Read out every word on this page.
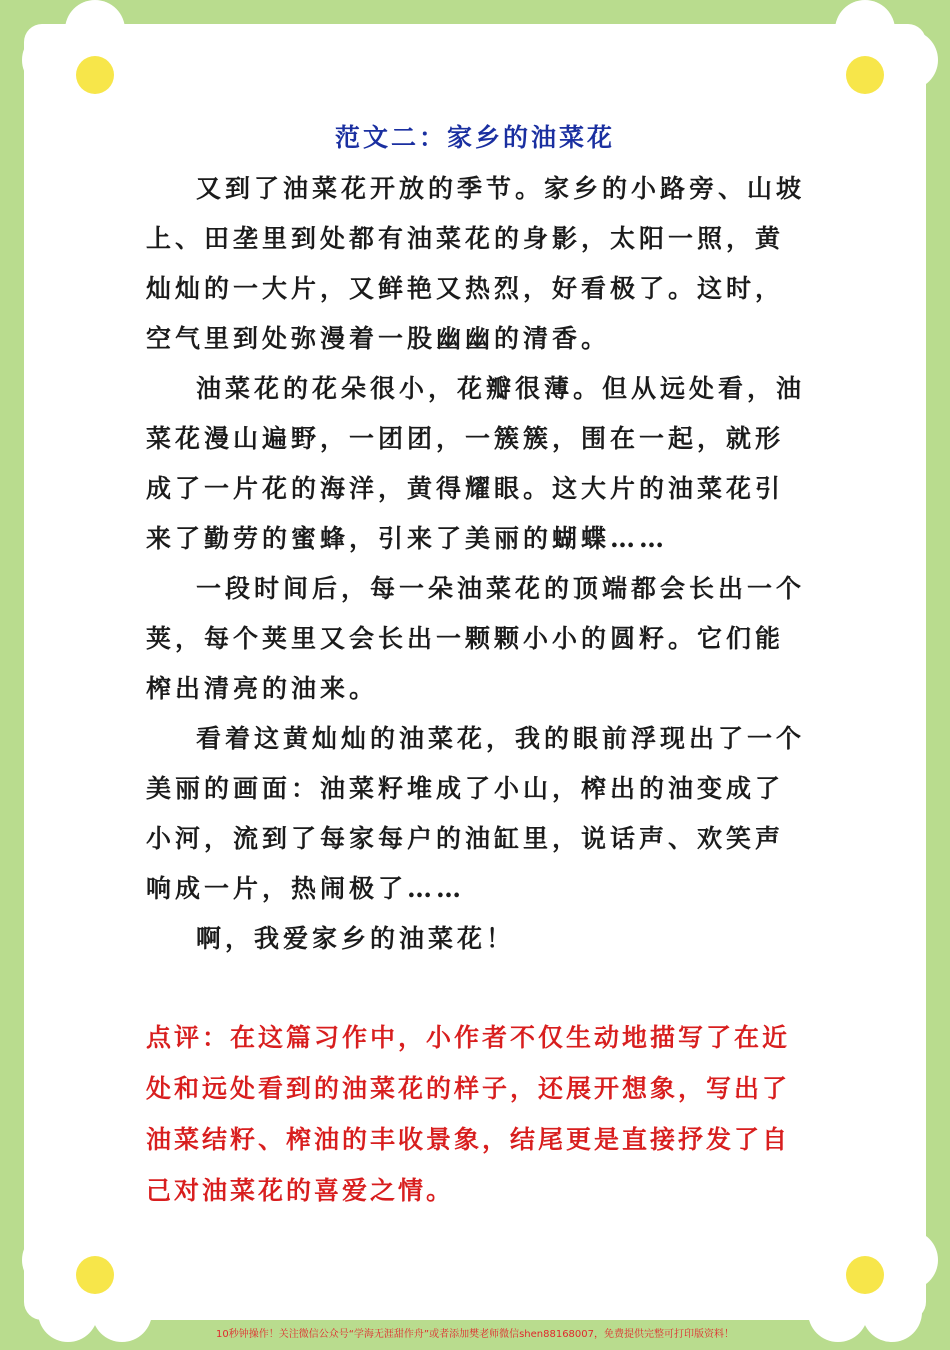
范文二：家乡的油菜花

又到了油菜花开放的季节。家乡的小路旁、山坡上、田垄里到处都有油菜花的身影，太阳一照，黄灿灿的一大片，又鲜艳又热烈，好看极了。这时，空气里到处弥漫着一股幽幽的清香。

油菜花的花朵很小，花瓣很薄。但从远处看，油菜花漫山遍野，一团团，一簇簇，围在一起，就形成了一片花的海洋，黄得耀眼。这大片的油菜花引来了勤劳的蜜蜂，引来了美丽的蝴蝶……

一段时间后，每一朵油菜花的顶端都会长出一个荚，每个荚里又会长出一颗颗小小的圆籽。它们能榨出清亮的油来。

看着这黄灿灿的油菜花，我的眼前浮现出了一个美丽的画面：油菜籽堆成了小山，榨出的油变成了小河，流到了每家每户的油缸里，说话声、欢笑声响成一片，热闹极了……

啊，我爱家乡的油菜花！

点评：在这篇习作中，小作者不仅生动地描写了在近处和远处看到的油菜花的样子，还展开想象，写出了油菜结籽、榨油的丰收景象，结尾更是直接抒发了自己对油菜花的喜爱之情。

10秒钟操作！关注微信公众号“学海无涯甜作舟”或者添加樊老师微信shen88168007，免费提供完整可打印版资料！
